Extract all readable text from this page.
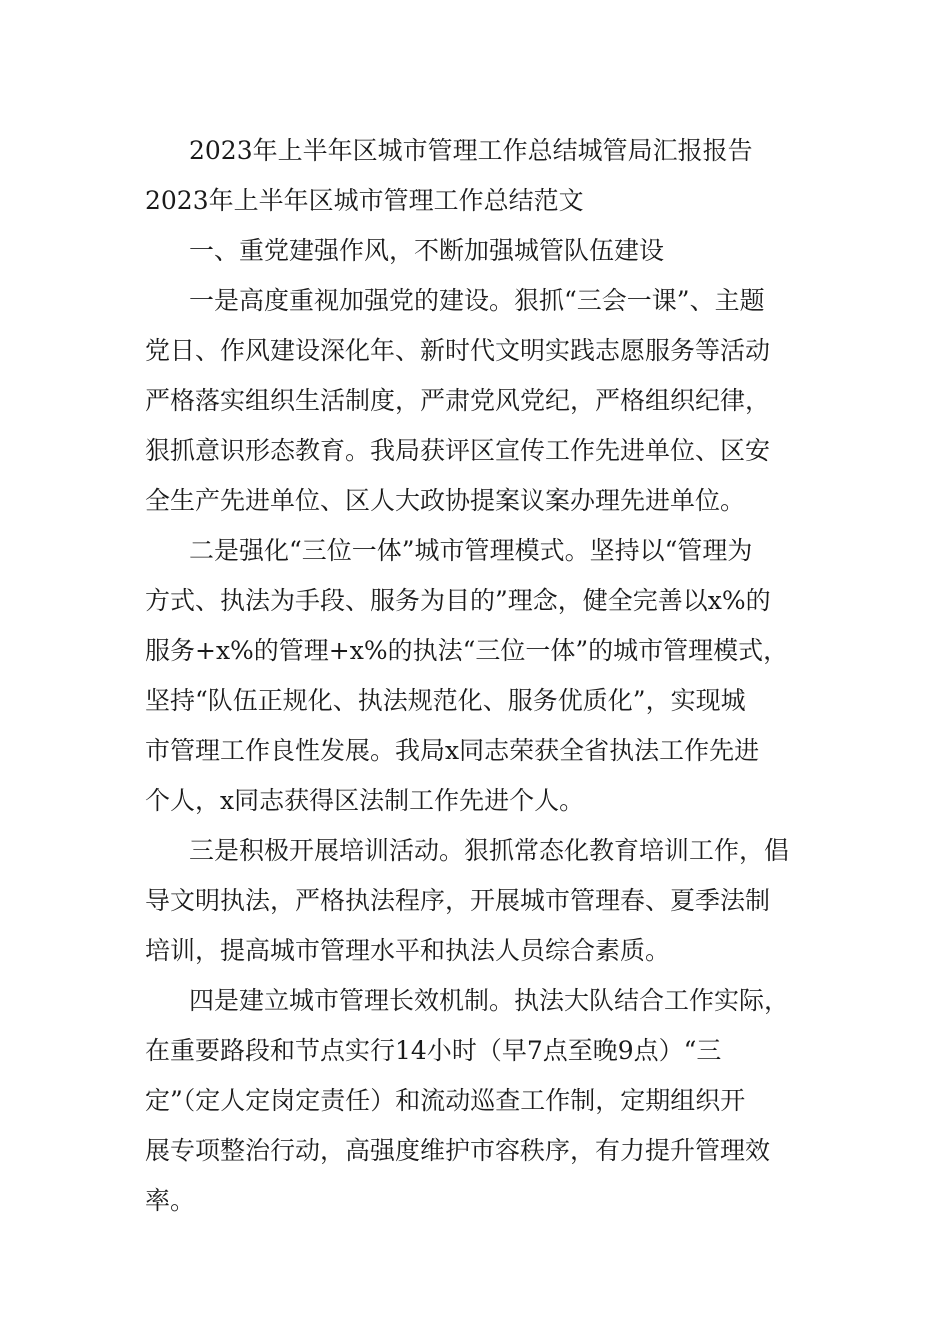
2023年上半年区城市管理工作总结城管局汇报报告
2023年上半年区城市管理工作总结范文
一、重党建强作风，不断加强城管队伍建设
一是高度重视加强党的建设。狠抓“三会一课”、主题
党日、作风建设深化年、新时代文明实践志愿服务等活动
严格落实组织生活制度，严肃党风党纪，严格组织纪律，
狠抓意识形态教育。我局获评区宣传工作先进单位、区安
全生产先进单位、区人大政协提案议案办理先进单位。
二是强化“三位一体”城市管理模式。坚持以“管理为
方式、执法为手段、服务为目的”理念，健全完善以x%的
服务+x%的管理+x%的执法“三位一体”的城市管理模式，
坚持“队伍正规化、执法规范化、服务优质化”，实现城
市管理工作良性发展。我局x同志荣获全省执法工作先进
个人，x同志获得区法制工作先进个人。
三是积极开展培训活动。狠抓常态化教育培训工作，倡
导文明执法，严格执法程序，开展城市管理春、夏季法制
培训，提高城市管理水平和执法人员综合素质。
四是建立城市管理长效机制。执法大队结合工作实际，
在重要路段和节点实行14小时（早7点至晚9点）“三
定”（定人定岗定责任）和流动巡查工作制，定期组织开
展专项整治行动，高强度维护市容秩序，有力提升管理效
率。
